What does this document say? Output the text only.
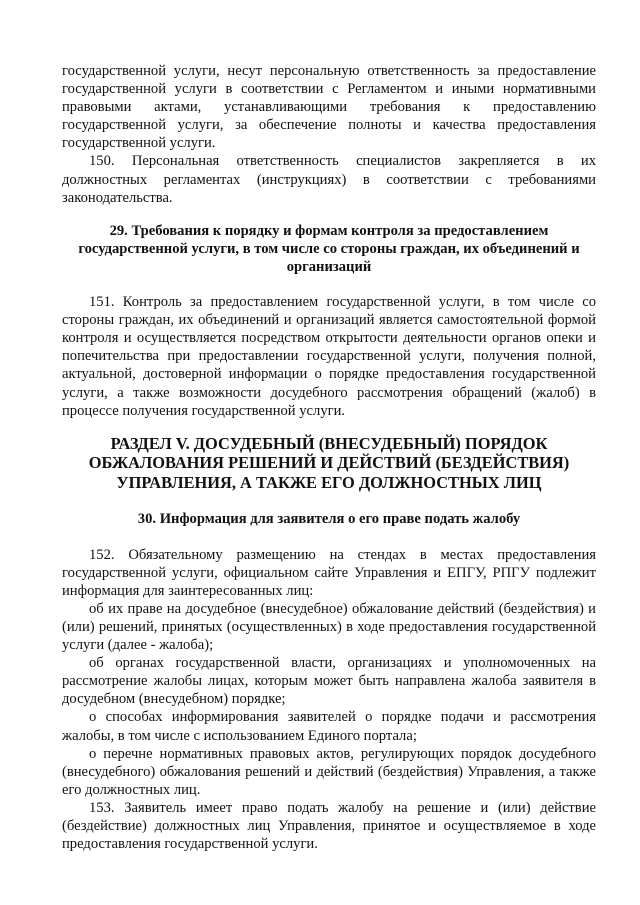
государственной услуги, несут персональную ответственность за предоставление государственной услуги в соответствии с Регламентом и иными нормативными правовыми актами, устанавливающими требования к предоставлению государственной услуги, за обеспечение полноты и качества предоставления государственной услуги.

150. Персональная ответственность специалистов закрепляется в их должностных регламентах (инструкциях) в соответствии с требованиями законодательства.

29. Требования к порядку и формам контроля за предоставлением государственной услуги, в том числе со стороны граждан, их объединений и организаций

151. Контроль за предоставлением государственной услуги, в том числе со стороны граждан, их объединений и организаций является самостоятельной формой контроля и осуществляется посредством открытости деятельности органов опеки и попечительства при предоставлении государственной услуги, получения полной, актуальной, достоверной информации о порядке предоставления государственной услуги, а также возможности досудебного рассмотрения обращений (жалоб) в процессе получения государственной услуги.

РАЗДЕЛ V. ДОСУДЕБНЫЙ (ВНЕСУДЕБНЫЙ) ПОРЯДОК ОБЖАЛОВАНИЯ РЕШЕНИЙ И ДЕЙСТВИЙ (БЕЗДЕЙСТВИЯ) УПРАВЛЕНИЯ, А ТАКЖЕ ЕГО ДОЛЖНОСТНЫХ ЛИЦ
30. Информация для заявителя о его праве подать жалобу

152. Обязательному размещению на стендах в местах предоставления государственной услуги, официальном сайте Управления и ЕПГУ, РПГУ подлежит информация для заинтересованных лиц:

об их праве на досудебное (внесудебное) обжалование действий (бездействия) и (или) решений, принятых (осуществленных) в ходе предоставления государственной услуги (далее - жалоба);

об органах государственной власти, организациях и уполномоченных на рассмотрение жалобы лицах, которым может быть направлена жалоба заявителя в досудебном (внесудебном) порядке;

о способах информирования заявителей о порядке подачи и рассмотрения жалобы, в том числе с использованием Единого портала;

о перечне нормативных правовых актов, регулирующих порядок досудебного (внесудебного) обжалования решений и действий (бездействия) Управления, а также его должностных лиц.

153. Заявитель имеет право подать жалобу на решение и (или) действие (бездействие) должностных лиц Управления, принятое и осуществляемое в ходе предоставления государственной услуги.
